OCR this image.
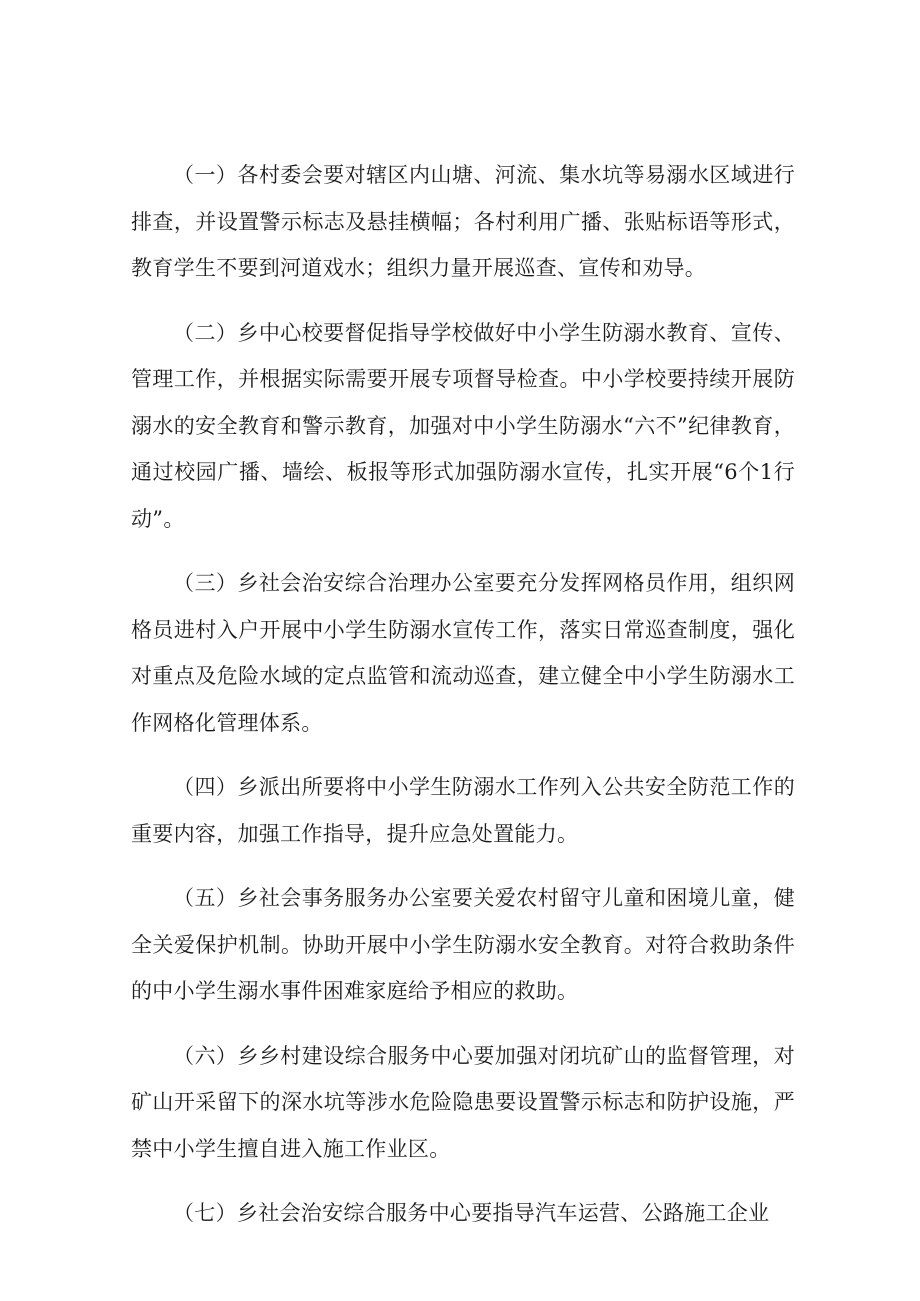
（一）各村委会要对辖区内山塘、河流、集水坑等易溺水区域进行排查，并设置警示标志及悬挂横幅；各村利用广播、张贴标语等形式，教育学生不要到河道戏水；组织力量开展巡查、宣传和劝导。

（二）乡中心校要督促指导学校做好中小学生防溺水教育、宣传、管理工作，并根据实际需要开展专项督导检查。中小学校要持续开展防溺水的安全教育和警示教育，加强对中小学生防溺水“六不”纪律教育，通过校园广播、墙绘、板报等形式加强防溺水宣传，扎实开展“6个1行动”。

（三）乡社会治安综合治理办公室要充分发挥网格员作用，组织网格员进村入户开展中小学生防溺水宣传工作，落实日常巡查制度，强化对重点及危险水域的定点监管和流动巡查，建立健全中小学生防溺水工作网格化管理体系。

（四）乡派出所要将中小学生防溺水工作列入公共安全防范工作的重要内容，加强工作指导，提升应急处置能力。

（五）乡社会事务服务办公室要关爱农村留守儿童和困境儿童，健全关爱保护机制。协助开展中小学生防溺水安全教育。对符合救助条件的中小学生溺水事件困难家庭给予相应的救助。

（六）乡乡村建设综合服务中心要加强对闭坑矿山的监督管理，对矿山开采留下的深水坑等涉水危险隐患要设置警示标志和防护设施，严禁中小学生擅自进入施工作业区。

（七）乡社会治安综合服务中心要指导汽车运营、公路施工企业
